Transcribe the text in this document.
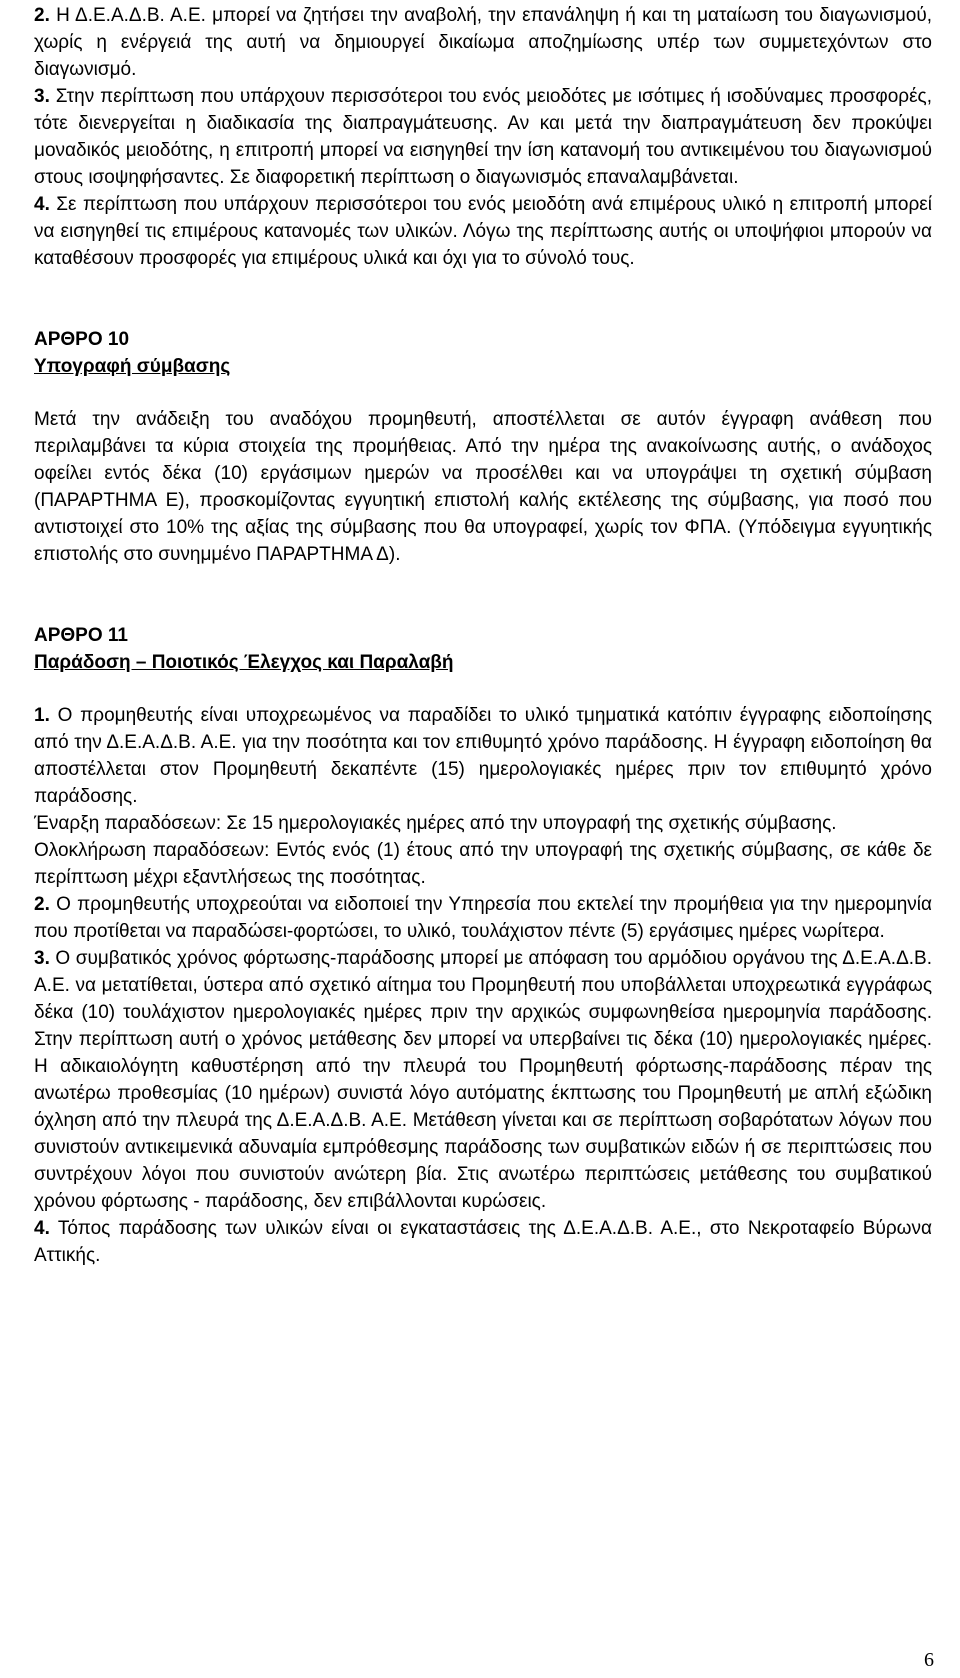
2. Η Δ.Ε.Α.Δ.Β. Α.Ε. μπορεί να ζητήσει την αναβολή, την επανάληψη ή και τη ματαίωση του διαγωνισμού, χωρίς η ενέργειά της αυτή να δημιουργεί δικαίωμα αποζημίωσης υπέρ των συμμετεχόντων στο διαγωνισμό.

3. Στην περίπτωση που υπάρχουν περισσότεροι του ενός μειοδότες με ισότιμες ή ισοδύναμες προσφορές, τότε διενεργείται η διαδικασία της διαπραγμάτευσης. Αν και μετά την διαπραγμάτευση δεν προκύψει μοναδικός μειοδότης, η επιτροπή μπορεί να εισηγηθεί την ίση κατανομή του αντικειμένου του διαγωνισμού στους ισοψηφήσαντες. Σε διαφορετική περίπτωση ο διαγωνισμός επαναλαμβάνεται.

4. Σε περίπτωση που υπάρχουν περισσότεροι του ενός μειοδότη ανά επιμέρους υλικό η επιτροπή μπορεί να εισηγηθεί τις επιμέρους κατανομές των υλικών. Λόγω της περίπτωσης αυτής οι υποψήφιοι μπορούν να καταθέσουν προσφορές για επιμέρους υλικά και όχι για το σύνολό τους.

ΑΡΘΡΟ 10

Υπογραφή σύμβασης

Μετά την ανάδειξη του αναδόχου προμηθευτή, αποστέλλεται σε αυτόν έγγραφη ανάθεση που περιλαμβάνει τα κύρια στοιχεία της προμήθειας. Από την ημέρα της ανακοίνωσης αυτής, ο ανάδοχος οφείλει εντός δέκα (10) εργάσιμων ημερών να προσέλθει και να υπογράψει τη σχετική σύμβαση (ΠΑΡΑΡΤΗΜΑ Ε), προσκομίζοντας εγγυητική επιστολή καλής εκτέλεσης της σύμβασης, για ποσό που αντιστοιχεί στο 10% της αξίας της σύμβασης που θα υπογραφεί, χωρίς τον ΦΠΑ. (Υπόδειγμα εγγυητικής επιστολής στο συνημμένο ΠΑΡΑΡΤΗΜΑ Δ).

ΑΡΘΡΟ 11

Παράδοση – Ποιοτικός Έλεγχος και Παραλαβή

1. Ο προμηθευτής είναι υποχρεωμένος να παραδίδει το υλικό τμηματικά κατόπιν έγγραφης ειδοποίησης από την Δ.Ε.Α.Δ.Β. Α.Ε. για την ποσότητα και τον επιθυμητό χρόνο παράδοσης. Η έγγραφη ειδοποίηση θα αποστέλλεται στον Προμηθευτή δεκαπέντε (15) ημερολογιακές ημέρες πριν τον επιθυμητό χρόνο παράδοσης.

Έναρξη παραδόσεων: Σε 15 ημερολογιακές ημέρες από την υπογραφή της σχετικής σύμβασης.

Ολοκλήρωση παραδόσεων: Εντός ενός (1) έτους από την υπογραφή της σχετικής σύμβασης, σε κάθε δε περίπτωση μέχρι εξαντλήσεως της ποσότητας.

2. Ο προμηθευτής υποχρεούται να ειδοποιεί την Υπηρεσία που εκτελεί την προμήθεια για την ημερομηνία που προτίθεται να παραδώσει-φορτώσει, το υλικό, τουλάχιστον πέντε (5) εργάσιμες ημέρες νωρίτερα.

3. Ο συμβατικός χρόνος φόρτωσης-παράδοσης μπορεί με απόφαση του αρμόδιου οργάνου της Δ.Ε.Α.Δ.Β. Α.Ε. να μετατίθεται, ύστερα από σχετικό αίτημα του Προμηθευτή που υποβάλλεται υποχρεωτικά εγγράφως δέκα (10) τουλάχιστον ημερολογιακές ημέρες πριν την αρχικώς συμφωνηθείσα ημερομηνία παράδοσης. Στην περίπτωση αυτή ο χρόνος μετάθεσης δεν μπορεί να υπερβαίνει τις δέκα (10) ημερολογιακές ημέρες. Η αδικαιολόγητη καθυστέρηση από την πλευρά του Προμηθευτή φόρτωσης-παράδοσης πέραν της ανωτέρω προθεσμίας (10 ημέρων) συνιστά λόγο αυτόματης έκπτωσης του Προμηθευτή με απλή εξώδικη όχληση από την πλευρά της Δ.Ε.Α.Δ.Β. Α.Ε. Μετάθεση γίνεται και σε περίπτωση σοβαρότατων λόγων που συνιστούν αντικειμενικά αδυναμία εμπρόθεσμης παράδοσης των συμβατικών ειδών ή σε περιπτώσεις που συντρέχουν λόγοι που συνιστούν ανώτερη βία. Στις ανωτέρω περιπτώσεις μετάθεσης του συμβατικού χρόνου φόρτωσης - παράδοσης, δεν επιβάλλονται κυρώσεις.

4. Τόπος παράδοσης των υλικών είναι οι εγκαταστάσεις της Δ.Ε.Α.Δ.Β. Α.Ε., στο Νεκροταφείο Βύρωνα Αττικής.

6
